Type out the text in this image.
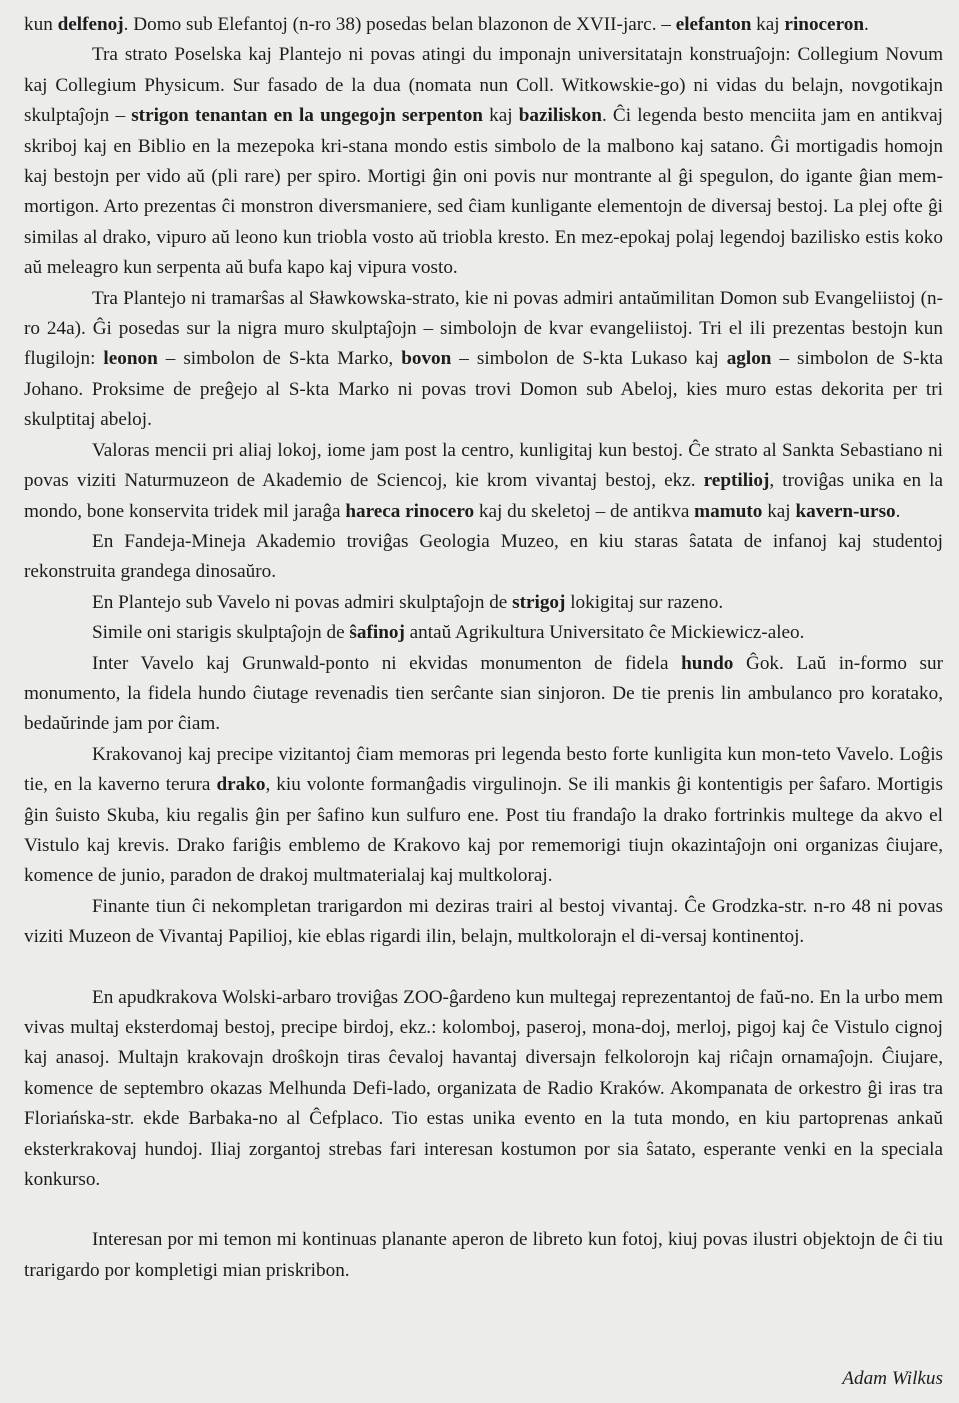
kun delfenoj. Domo sub Elefantoj (n-ro 38) posedas belan blazonon de XVII-jarc. – elefanton kaj rinoceron.

Tra strato Poselska kaj Plantejo ni povas atingi du imponajn universitatajn konstruaĵojn: Collegium Novum kaj Collegium Physicum. Sur fasado de la dua (nomata nun Coll. Witkowskie-go) ni vidas du belajn, novgotikajn skulptaĵojn – strigon tenantan en la ungegojn serpenton kaj baziliskon. Ĉi legenda besto menciita jam en antikvaj skriboj kaj en Biblio en la mezepoka kri-stana mondo estis simbolo de la malbono kaj satano. Ĝi mortigadis homojn kaj bestojn per vido aŭ (pli rare) per spiro. Mortigi ĝin oni povis nur montrante al ĝi spegulon, do igante ĝian mem-mortigon. Arto prezentas ĉi monstron diversmaniere, sed ĉiam kunligante elementojn de diversaj bestoj. La plej ofte ĝi similas al drako, vipuro aŭ leono kun triobla vosto aŭ triobla kresto. En mez-epokaj polaj legendoj bazilisko estis koko aŭ meleagro kun serpenta aŭ bufa kapo kaj vipura vosto.

Tra Plantejo ni tramarŝas al Sławkowska-strato, kie ni povas admiri antaŭmilitan Domon sub Evangeliistoj (n-ro 24a). Ĝi posedas sur la nigra muro skulptaĵojn – simbolojn de kvar evangeliistoj. Tri el ili prezentas bestojn kun flugilojn: leonon – simbolon de S-kta Marko, bovon – simbolon de S-kta Lukaso kaj aglon – simbolon de S-kta Johano. Proksime de preĝejo al S-kta Marko ni povas trovi Domon sub Abeloj, kies muro estas dekorita per tri skulptitaj abeloj.

Valoras mencii pri aliaj lokoj, iome jam post la centro, kunligitaj kun bestoj. Ĉe strato al Sankta Sebastiano ni povas viziti Naturmuzeon de Akademio de Sciencoj, kie krom vivantaj bestoj, ekz. reptilioj, troviĝas unika en la mondo, bone konservita tridek mil jaraĝa hareca rinocero kaj du skeletoj – de antikva mamuto kaj kavern-urso.

En Fandeja-Mineja Akademio troviĝas Geologia Muzeo, en kiu staras ŝatata de infanoj kaj studentoj rekonstruita grandega dinosaŭro.

En Plantejo sub Vavelo ni povas admiri skulptaĵojn de strigoj lokigitaj sur razeno.

Simile oni starigis skulptaĵojn de ŝafinoj antaŭ Agrikultura Universitato ĉe Mickiewicz-aleo.

Inter Vavelo kaj Grunwald-ponto ni ekvidas monumenton de fidela hundo Ĝok. Laŭ in-formo sur monumento, la fidela hundo ĉiutage revenadis tien serĉante sian sinjoron. De tie prenis lin ambulanco pro koratako, bedaŭrinde jam por ĉiam.

Krakovanoj kaj precipe vizitantoj ĉiam memoras pri legenda besto forte kunligita kun mon-teto Vavelo. Loĝis tie, en la kaverno terura drako, kiu volonte formanĝadis virgulinojn. Se ili mankis ĝi kontentigis per ŝafaro. Mortigis ĝin ŝuisto Skuba, kiu regalis ĝin per ŝafino kun sulfuro ene. Post tiu frandaĵo la drako fortrinkis multege da akvo el Vistulo kaj krevis. Drako fariĝis emblemo de Krakovo kaj por rememorigi tiujn okazintaĵojn oni organizas ĉiujare, komence de junio, paradon de drakoj multmaterialaj kaj multkoloraj.

Finante tiun ĉi nekompletan trarigardon mi deziras trairi al bestoj vivantaj. Ĉe Grodzka-str. n-ro 48 ni povas viziti Muzeon de Vivantaj Papilioj, kie eblas rigardi ilin, belajn, multkolorajn el di-versaj kontinentoj.

En apudkrakova Wolski-arbaro troviĝas ZOO-ĝardeno kun multegaj reprezentantoj de faŭ-no. En la urbo mem vivas multaj eksterdomaj bestoj, precipe birdoj, ekz.: kolomboj, paseroj, mona-doj, merloj, pigoj kaj ĉe Vistulo cignoj kaj anasoj. Multajn krakovajn droŝkojn tiras ĉevaloj havantaj diversajn felkolorojn kaj riĉajn ornamaĵojn. Ĉiujare, komence de septembro okazas Melhunda Defi-lado, organizata de Radio Kraków. Akompanata de orkestro ĝi iras tra Floriańska-str. ekde Barbaka-no al Ĉefplaco. Tio estas unika evento en la tuta mondo, en kiu partoprenas ankaŭ eksterkrakovaj hundoj. Iliaj zorgantoj strebas fari interesan kostumon por sia ŝatato, esperante venki en la speciala konkurso.

Interesan por mi temon mi kontinuas planante aperon de libreto kun fotoj, kiuj povas ilustri objektojn de ĉi tiu trarigardo por kompletigi mian priskribon.

Adam Wilkus
